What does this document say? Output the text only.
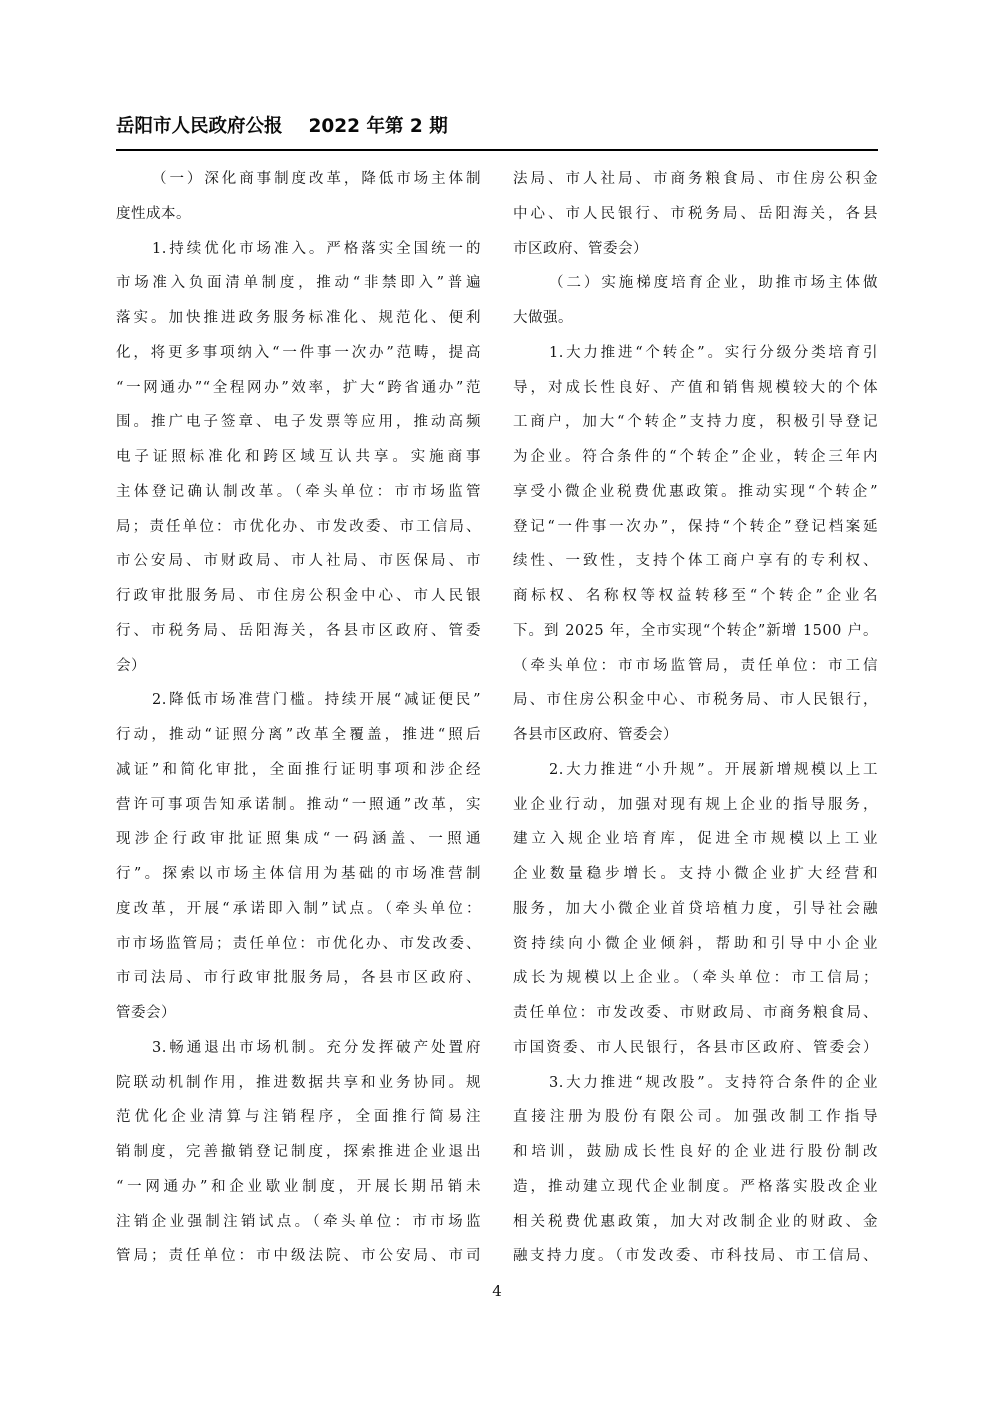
岳阳市人民政府公报 2022 年第 2 期
（一）深化商事制度改革，降低市场主体制
度性成本。
1.持续优化市场准入。严格落实全国统一的
市场准入负面清单制度，推动“非禁即入”普遍
落实。加快推进政务服务标准化、规范化、便利
化，将更多事项纳入“一件事一次办”范畴，提高
“一网通办”“全程网办”效率，扩大“跨省通办”范
围。推广电子签章、电子发票等应用，推动高频
电子证照标准化和跨区域互认共享。实施商事
主体登记确认制改革。（牵头单位：市市场监管
局；责任单位：市优化办、市发改委、市工信局、
市公安局、市财政局、市人社局、市医保局、市
行政审批服务局、市住房公积金中心、市人民银
行、市税务局、岳阳海关，各县市区政府、管委
会）
2.降低市场准营门槛。持续开展“减证便民”
行动，推动“证照分离”改革全覆盖，推进“照后
减证”和简化审批，全面推行证明事项和涉企经
营许可事项告知承诺制。推动“一照通”改革，实
现涉企行政审批证照集成“一码涵盖、一照通
行”。探索以市场主体信用为基础的市场准营制
度改革，开展“承诺即入制”试点。（牵头单位：
市市场监管局；责任单位：市优化办、市发改委、
市司法局、市行政审批服务局，各县市区政府、
管委会）
3.畅通退出市场机制。充分发挥破产处置府
院联动机制作用，推进数据共享和业务协同。规
范优化企业清算与注销程序，全面推行简易注
销制度，完善撤销登记制度，探索推进企业退出
“一网通办”和企业歇业制度，开展长期吊销未
注销企业强制注销试点。（牵头单位：市市场监
管局；责任单位：市中级法院、市公安局、市司
法局、市人社局、市商务粮食局、市住房公积金
中心、市人民银行、市税务局、岳阳海关，各县
市区政府、管委会）
（二）实施梯度培育企业，助推市场主体做
大做强。
1.大力推进“个转企”。实行分级分类培育引
导，对成长性良好、产值和销售规模较大的个体
工商户，加大“个转企”支持力度，积极引导登记
为企业。符合条件的“个转企”企业，转企三年内
享受小微企业税费优惠政策。推动实现“个转企”
登记“一件事一次办”，保持“个转企”登记档案延
续性、一致性，支持个体工商户享有的专利权、
商标权、名称权等权益转移至“个转企”企业名
下。到 2025 年，全市实现“个转企”新增 1500 户。
（牵头单位：市市场监管局，责任单位：市工信
局、市住房公积金中心、市税务局、市人民银行，
各县市区政府、管委会）
2.大力推进“小升规”。开展新增规模以上工
业企业行动，加强对现有规上企业的指导服务，
建立入规企业培育库，促进全市规模以上工业
企业数量稳步增长。支持小微企业扩大经营和
服务，加大小微企业首贷培植力度，引导社会融
资持续向小微企业倾斜，帮助和引导中小企业
成长为规模以上企业。（牵头单位：市工信局；
责任单位：市发改委、市财政局、市商务粮食局、
市国资委、市人民银行，各县市区政府、管委会）
3.大力推进“规改股”。支持符合条件的企业
直接注册为股份有限公司。加强改制工作指导
和培训，鼓励成长性良好的企业进行股份制改
造，推动建立现代企业制度。严格落实股改企业
相关税费优惠政策，加大对改制企业的财政、金
融支持力度。（市发改委、市科技局、市工信局、
4
